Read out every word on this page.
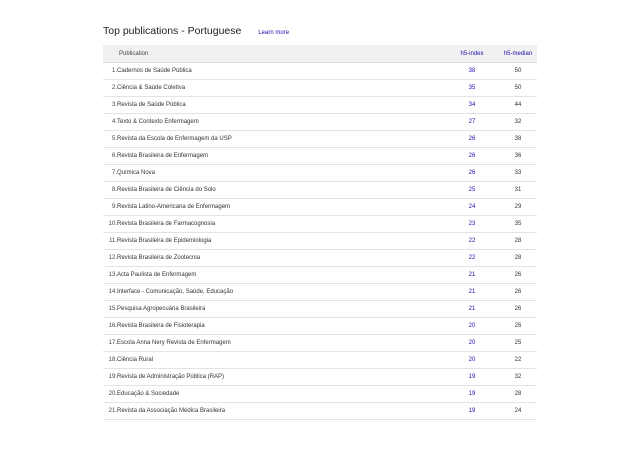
Top publications - Portuguese	Learn more
Publication		h5-index	h5-median
1.	Cadernos de Saúde Pública	38	50
2.	Ciência & Saúde Coletiva	35	50
3.	Revista de Saúde Pública	34	44
4.	Texto & Contexto Enfermagem	27	32
5.	Revista da Escola de Enfermagem da USP	26	38
6.	Revista Brasileira de Enfermagem	26	36
7.	Química Nova	26	33
8.	Revista Brasileira de Ciência do Solo	25	31
9.	Revista Latino-Americana de Enfermagem	24	29
10.	Revista Brasileira de Farmacognosia	23	35
11.	Revista Brasileira de Epidemiologia	22	28
12.	Revista Brasileira de Zootecnia	22	28
13.	Acta Paulista de Enfermagem	21	26
14.	Interface - Comunicação, Saúde, Educação	21	26
15.	Pesquisa Agropecuária Brasileira	21	26
16.	Revista Brasileira de Fisioterapia	20	26
17.	Escola Anna Nery Revista de Enfermagem	20	25
18.	Ciência Rural	20	22
19.	Revista de Administração Pública (RAP)	19	32
20.	Educação & Sociedade	19	28
21.	Revista da Associação Médica Brasileira	19	24
